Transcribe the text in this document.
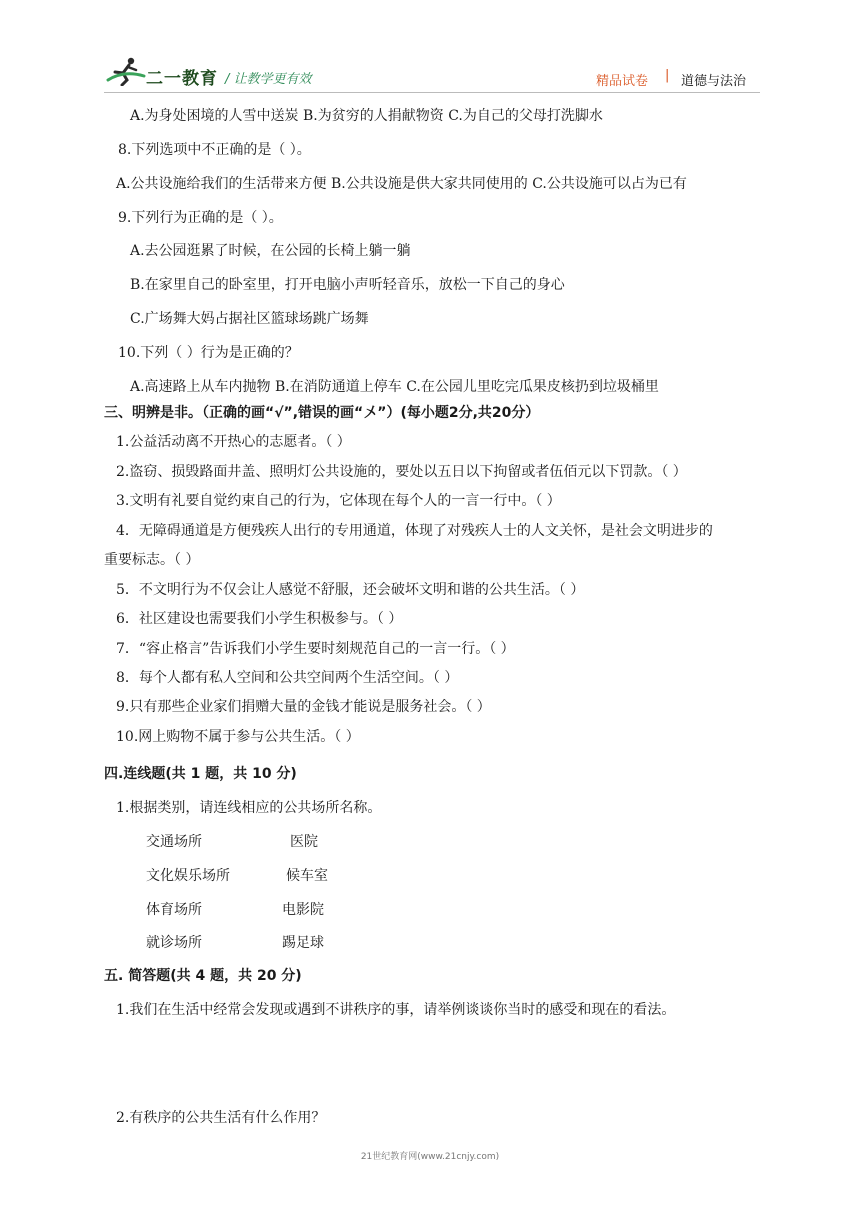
二一教育 / 让教学更有效	精品试卷 | 道德与法治
A.为身处困境的人雪中送炭 B.为贫穷的人捐献物资 C.为自己的父母打洗脚水
8.下列选项中不正确的是（ ）。
A.公共设施给我们的生活带来方便 B.公共设施是供大家共同使用的 C.公共设施可以占为已有
9.下列行为正确的是（ ）。
A.去公园逛累了时候，在公园的长椅上躺一躺
B.在家里自己的卧室里，打开电脑小声听轻音乐，放松一下自己的身心
C.广场舞大妈占据社区篮球场跳广场舞
10.下列（ ）行为是正确的？
A.高速路上从车内抛物 B.在消防通道上停车 C.在公园儿里吃完瓜果皮核扔到垃圾桶里
三、明辨是非。（正确的画“√”,错误的画“〤”）(每小题2分,共20分）
1.公益活动离不开热心的志愿者。（ ）
2.盗窃、损毁路面井盖、照明灯公共设施的，要处以五日以下拘留或者伍佰元以下罚款。（ ）
3.文明有礼要自觉约束自己的行为，它体现在每个人的一言一行中。（ ）
4．无障碍通道是方便残疾人出行的专用通道，体现了对残疾人士的人文关怀，是社会文明进步的
重要标志。（ ）
5．不文明行为不仅会让人感觉不舒服，还会破坏文明和谐的公共生活。（ ）
6．社区建设也需要我们小学生积极参与。（ ）
7．“容止格言”告诉我们小学生要时刻规范自己的一言一行。（ ）
8．每个人都有私人空间和公共空间两个生活空间。（ ）
9.只有那些企业家们捐赠大量的金钱才能说是服务社会。（ ）
10.网上购物不属于参与公共生活。（ ）
四.连线题(共 1 题，共 10 分)
1.根据类别，请连线相应的公共场所名称。
交通场所
文化娱乐场所
体育场所
就诊场所
医院
候车室
电影院
踢足球
五. 简答题(共 4 题，共 20 分)
1.我们在生活中经常会发现或遇到不讲秩序的事，请举例谈谈你当时的感受和现在的看法。
2.有秩序的公共生活有什么作用？
21世纪教育网(www.21cnjy.com)
